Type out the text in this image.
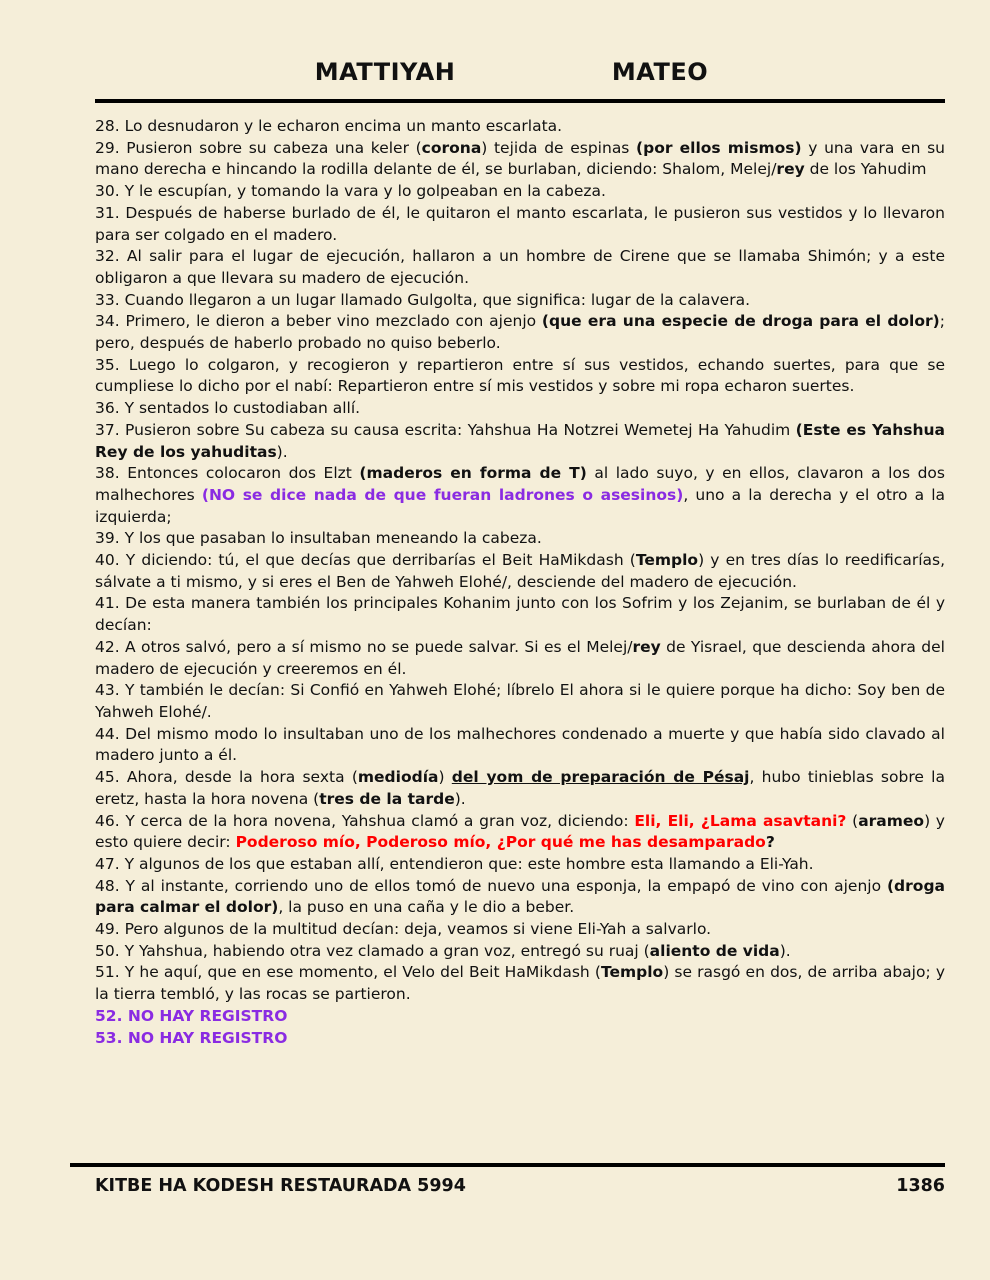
MATTIYAH	MATEO

28. Lo desnudaron y le echaron encima un manto escarlata.

29. Pusieron sobre su cabeza una keler (corona) tejida de espinas (por ellos mismos) y una vara en su mano derecha e hincando la rodilla delante de él, se burlaban, diciendo: Shalom, Melej/rey de los Yahudim

30. Y le escupían, y tomando la vara y lo golpeaban en la cabeza.

31. Después de haberse burlado de él, le quitaron el manto escarlata, le pusieron sus vestidos y lo llevaron para ser colgado en el madero.

32. Al salir para el lugar de ejecución, hallaron a un hombre de Cirene que se llamaba Shimón; y a este obligaron a que llevara su madero de ejecución.

33. Cuando llegaron a un lugar llamado Gulgolta, que significa: lugar de la calavera.

34. Primero, le dieron a beber vino mezclado con ajenjo (que era una especie de droga para el dolor); pero, después de haberlo probado no quiso beberlo.

35. Luego lo colgaron, y recogieron y repartieron entre sí sus vestidos, echando suertes, para que se cumpliese lo dicho por el nabí: Repartieron entre sí mis vestidos y sobre mi ropa echaron suertes.

36. Y sentados lo custodiaban allí.

37. Pusieron sobre Su cabeza su causa escrita: Yahshua Ha Notzrei Wemetej Ha Yahudim (Este es Yahshua Rey de los yahuditas).

38. Entonces colocaron dos Elzt (maderos en forma de T) al lado suyo, y en ellos, clavaron a los dos malhechores (NO se dice nada de que fueran ladrones o asesinos), uno a la derecha y el otro a la izquierda;

39. Y los que pasaban lo insultaban meneando la cabeza.

40. Y diciendo: tú, el que decías que derribarías el Beit HaMikdash (Templo) y en tres días lo reedificarías, sálvate a ti mismo, y si eres el Ben de Yahweh Elohé/, desciende del madero de ejecución.

41. De esta manera también los principales Kohanim junto con los Sofrim y los Zejanim, se burlaban de él y decían:

42. A otros salvó, pero a sí mismo no se puede salvar. Si es el Melej/rey de Yisrael, que descienda ahora del madero de ejecución y creeremos en él.

43. Y también le decían: Si Confió en Yahweh Elohé; líbrelo El ahora si le quiere porque ha dicho: Soy ben de Yahweh Elohé/.

44. Del mismo modo lo insultaban uno de los malhechores condenado a muerte y que había sido clavado al madero junto a él.

45. Ahora, desde la hora sexta (mediodía) del yom de preparación de Pésaj, hubo tinieblas sobre la eretz, hasta la hora novena (tres de la tarde).

46. Y cerca de la hora novena, Yahshua clamó a gran voz, diciendo: Eli, Eli, ¿Lama asavtani? (arameo) y esto quiere decir: Poderoso mío, Poderoso mío, ¿Por qué me has desamparado?

47. Y algunos de los que estaban allí, entendieron que: este hombre esta llamando a Eli-Yah.

48. Y al instante, corriendo uno de ellos tomó de nuevo una esponja, la empapó de vino con ajenjo (droga para calmar el dolor), la puso en una caña y le dio a beber.

49. Pero algunos de la multitud decían: deja, veamos si viene Eli-Yah a salvarlo.

50. Y Yahshua, habiendo otra vez clamado a gran voz, entregó su ruaj (aliento de vida).

51. Y he aquí, que en ese momento, el Velo del Beit HaMikdash (Templo) se rasgó en dos, de arriba abajo; y la tierra tembló, y las rocas se partieron.

52. NO HAY REGISTRO

53. NO HAY REGISTRO

KITBE HA KODESH RESTAURADA 5994	1386
